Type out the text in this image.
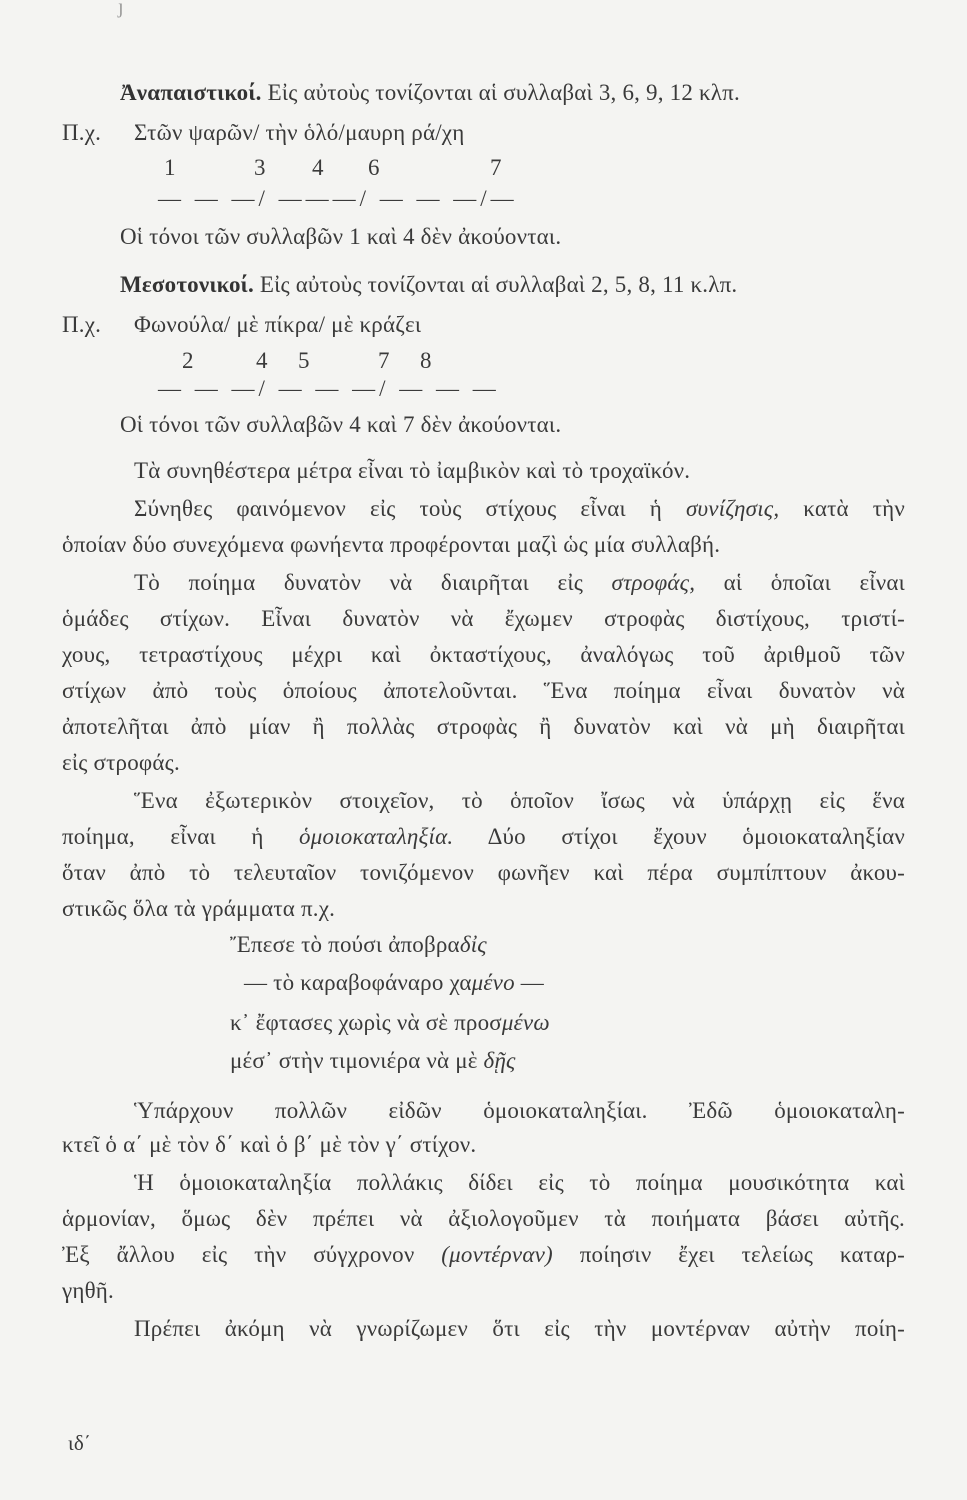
ȷ
Ἀναπαιστικοί. Εἰς αὐτοὺς τονίζονται αἱ συλλαβαὶ 3, 6, 9, 12 κλπ.
Π.χ. Στῶν ψαρῶν/ τὴν ὁλό/μαυρη ρά/χη
1	3 4 6	7
— — —/ ———/ — — —/—
Οἱ τόνοι τῶν συλλαβῶν 1 καὶ 4 δὲν ἀκούονται.
Μεσοτονικοί. Εἰς αὐτοὺς τονίζονται αἱ συλλαβαὶ 2, 5, 8, 11 κ.λπ.
Π.χ. Φωνούλα/ μὲ πίκρα/ μὲ κράζει
2	4 5	7 8
— — —/ — — —/ — — —
Οἱ τόνοι τῶν συλλαβῶν 4 καὶ 7 δὲν ἀκούονται.
Τὰ συνηθέστερα μέτρα εἶναι τὸ ἰαμβικὸν καὶ τὸ τροχαϊκόν.
Σύνηθες φαινόμενον εἰς τοὺς στίχους εἶναι ἡ συνίζησις, κατὰ τὴν
ὁποίαν δύο συνεχόμενα φωνήεντα προφέρονται μαζὶ ὡς μία συλλαβή.
Τὸ ποίημα δυνατὸν νὰ διαιρῆται εἰς στροφάς, αἱ ὁποῖαι εἶναι
ὁμάδες στίχων. Εἶναι δυνατὸν νὰ ἔχωμεν στροφὰς διστίχους, τριστί-
χους, τετραστίχους μέχρι καὶ ὀκταστίχους, ἀναλόγως τοῦ ἀριθμοῦ τῶν
στίχων ἀπὸ τοὺς ὁποίους ἀποτελοῦνται. Ἕνα ποίημα εἶναι δυνατὸν νὰ
ἀποτελῆται ἀπὸ μίαν ἢ πολλὰς στροφὰς ἢ δυνατὸν καὶ νὰ μὴ διαιρῆται
εἰς στροφάς.
Ἕνα ἐξωτερικὸν στοιχεῖον, τὸ ὁποῖον ἴσως νὰ ὑπάρχῃ εἰς ἕνα
ποίημα, εἶναι ἡ ὁμοιοκαταληξία. Δύο στίχοι ἔχουν ὁμοιοκαταληξίαν
ὅταν ἀπὸ τὸ τελευταῖον τονιζόμενον φωνῆεν καὶ πέρα συμπίπτουν ἀκου-
στικῶς ὅλα τὰ γράμματα π.χ.
Ἔπεσε τὸ πούσι ἀποβραδἰς
— τὸ καραβοφάναρο χαμένο —
κ᾿ ἔφτασες χωρὶς νὰ σὲ προσμένω
μέσ᾿ στὴν τιμονιέρα νὰ μὲ δῇς
Ὑπάρχουν πολλῶν εἰδῶν ὁμοιοκαταληξίαι. Ἐδῶ ὁμοιοκαταλη-
κτεῖ ὁ α΄ μὲ τὸν δ΄ καὶ ὁ β΄ μὲ τὸν γ΄ στίχον.
Ἡ ὁμοιοκαταληξία πολλάκις δίδει εἰς τὸ ποίημα μουσικότητα καὶ
ἁρμονίαν, ὅμως δὲν πρέπει νὰ ἀξιολογοῦμεν τὰ ποιήματα βάσει αὐτῆς.
Ἐξ ἄλλου εἰς τὴν σύγχρονον (μοντέρναν) ποίησιν ἔχει τελείως καταρ-
γηθῆ.
Πρέπει ἀκόμη νὰ γνωρίζωμεν ὅτι εἰς τὴν μοντέρναν αὐτὴν ποίη-
ιδ΄
